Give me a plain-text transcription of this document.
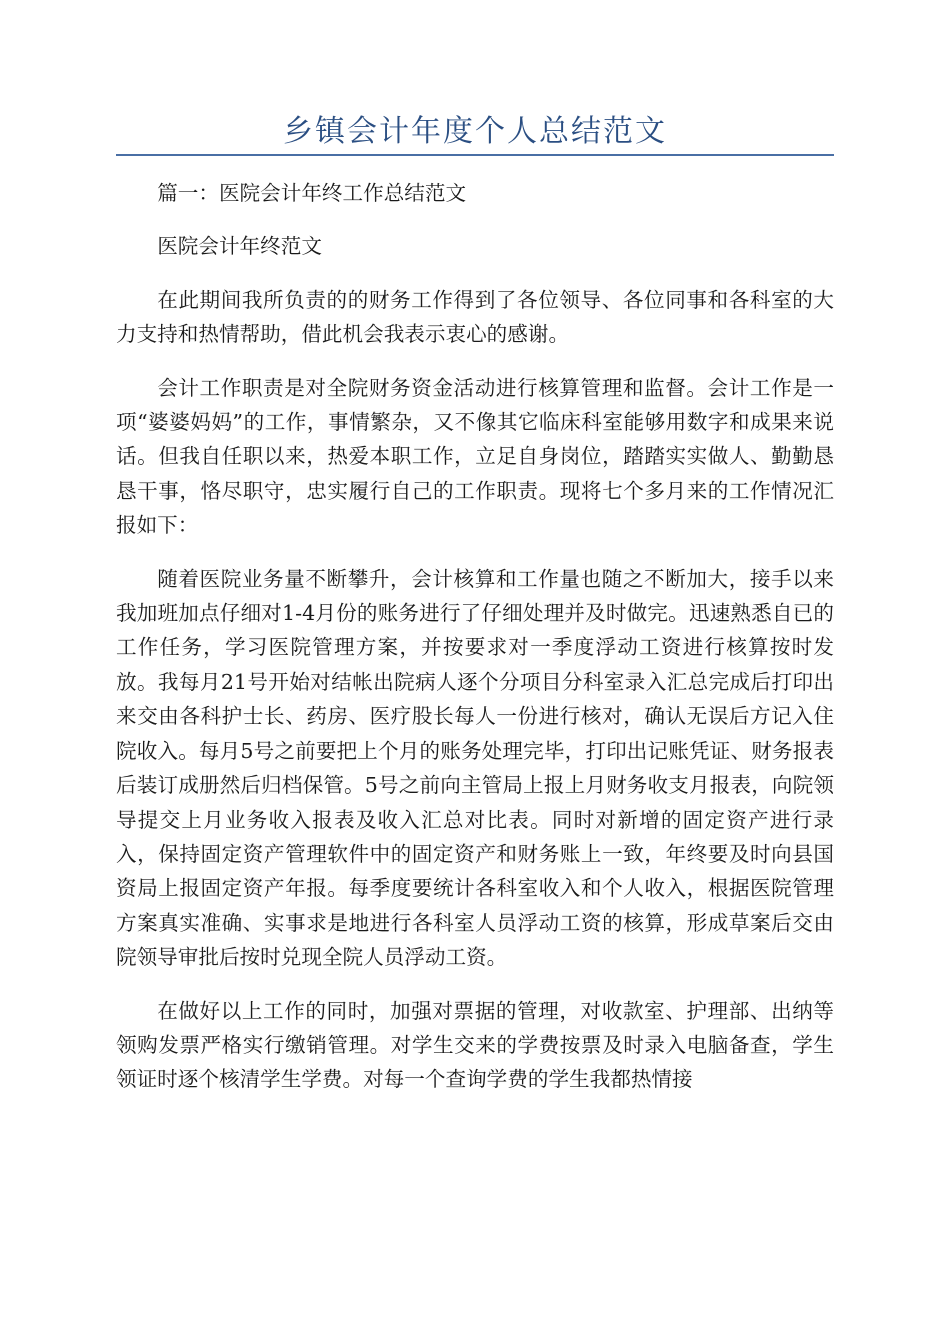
乡镇会计年度个人总结范文

篇一：医院会计年终工作总结范文

医院会计年终范文

在此期间我所负责的的财务工作得到了各位领导、各位同事和各科室的大力支持和热情帮助，借此机会我表示衷心的感谢。

会计工作职责是对全院财务资金活动进行核算管理和监督。会计工作是一项“婆婆妈妈”的工作，事情繁杂，又不像其它临床科室能够用数字和成果来说话。但我自任职以来，热爱本职工作，立足自身岗位，踏踏实实做人、勤勤恳恳干事，恪尽职守，忠实履行自己的工作职责。现将七个多月来的工作情况汇报如下：

随着医院业务量不断攀升，会计核算和工作量也随之不断加大，接手以来我加班加点仔细对1-4月份的账务进行了仔细处理并及时做完。迅速熟悉自已的工作任务，学习医院管理方案，并按要求对一季度浮动工资进行核算按时发放。我每月21号开始对结帐出院病人逐个分项目分科室录入汇总完成后打印出来交由各科护士长、药房、医疗股长每人一份进行核对，确认无误后方记入住院收入。每月5号之前要把上个月的账务处理完毕，打印出记账凭证、财务报表后装订成册然后归档保管。5号之前向主管局上报上月财务收支月报表，向院领导提交上月业务收入报表及收入汇总对比表。同时对新增的固定资产进行录入，保持固定资产管理软件中的固定资产和财务账上一致，年终要及时向县国资局上报固定资产年报。每季度要统计各科室收入和个人收入，根据医院管理方案真实准确、实事求是地进行各科室人员浮动工资的核算，形成草案后交由院领导审批后按时兑现全院人员浮动工资。

在做好以上工作的同时，加强对票据的管理，对收款室、护理部、出纳等领购发票严格实行缴销管理。对学生交来的学费按票及时录入电脑备查，学生领证时逐个核清学生学费。对每一个查询学费的学生我都热情接
